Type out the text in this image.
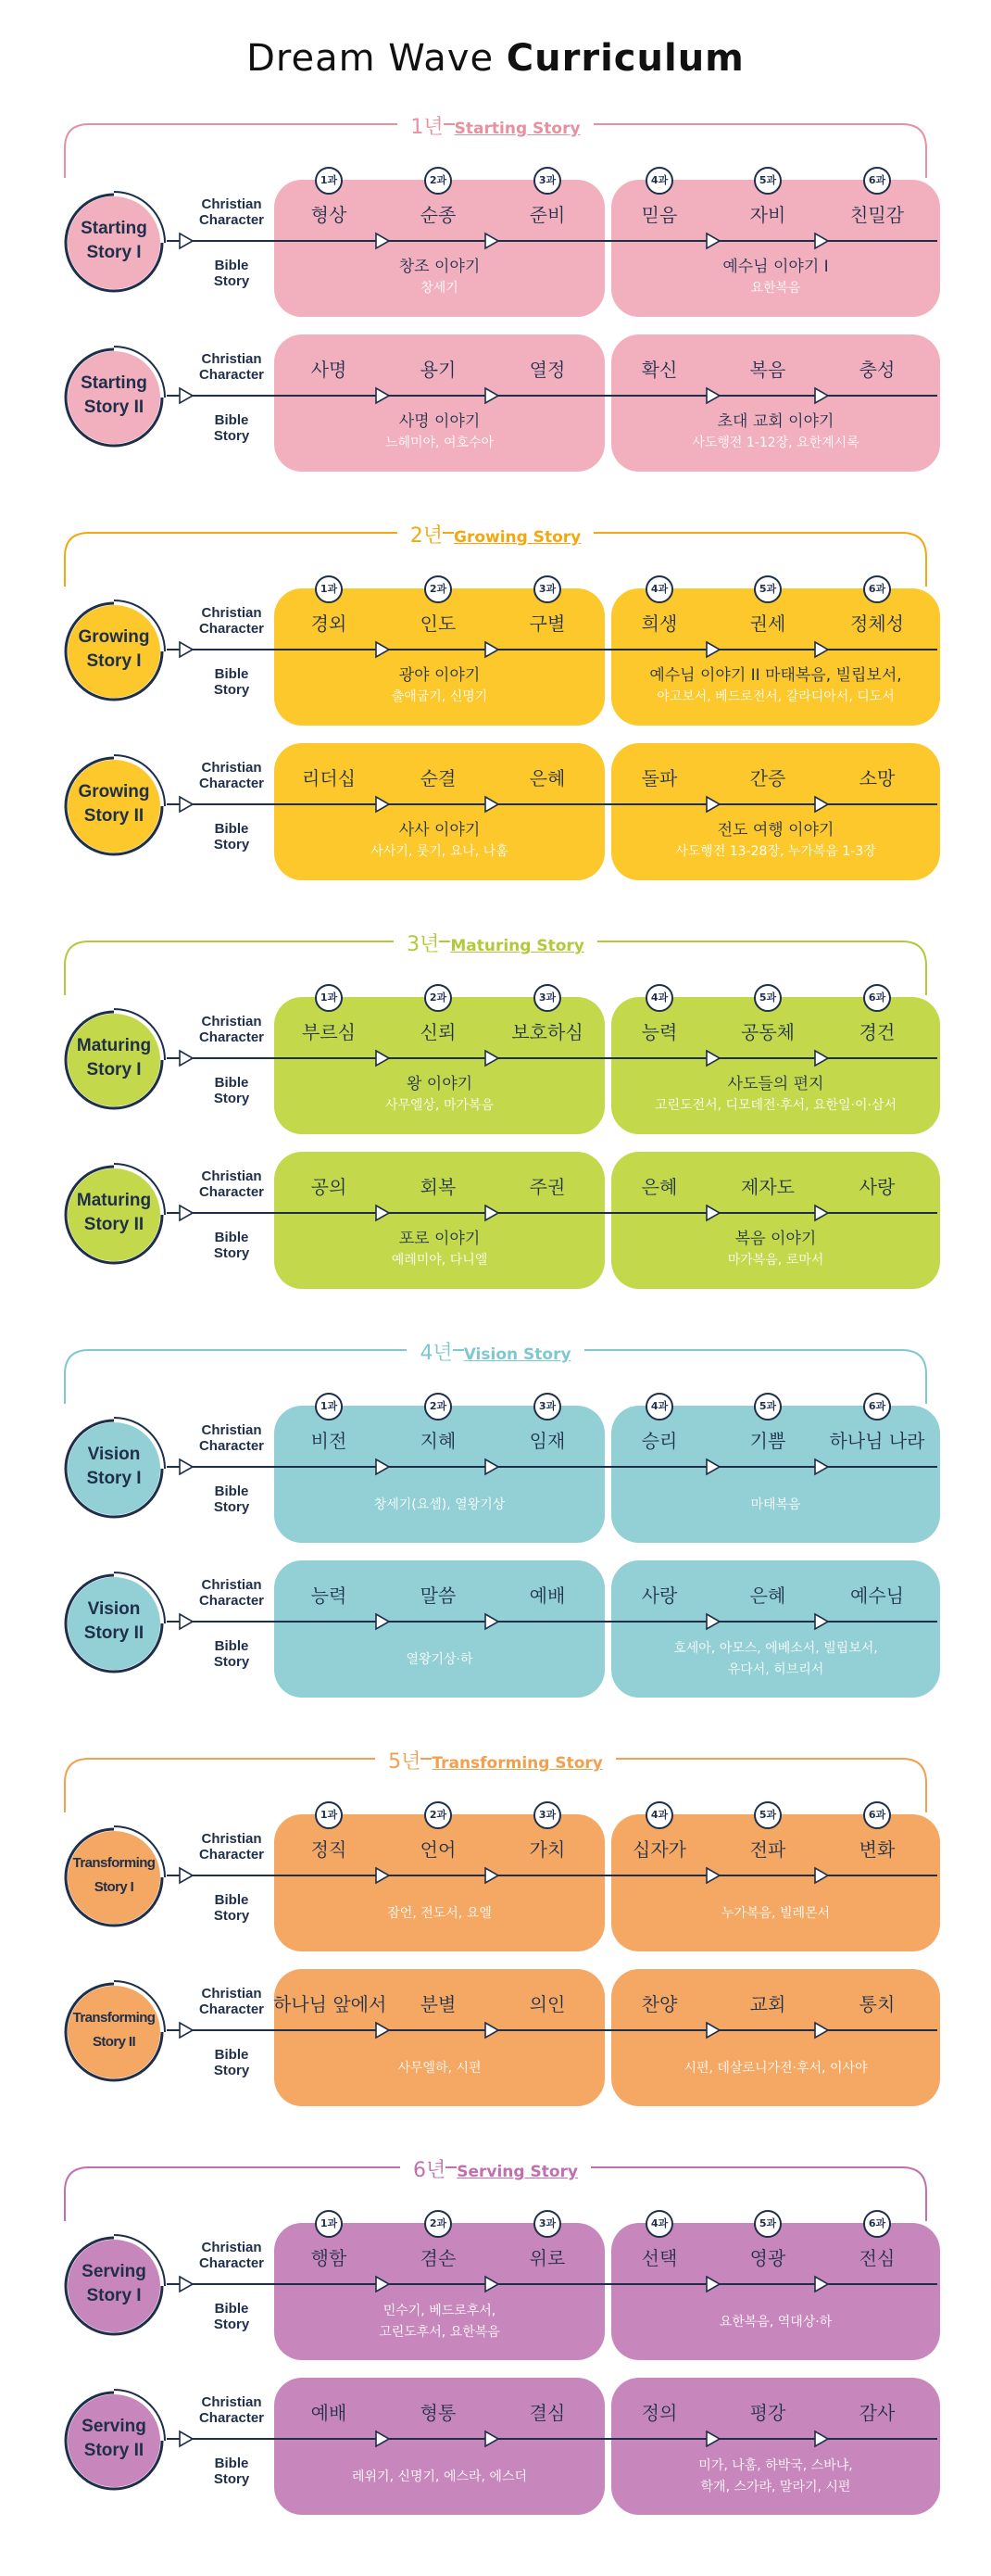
Dream Wave Curriculum
1년 Starting Story
Starting
Story I
Christian
Character
Bible
Story
형상	순종	준비	믿음	자비	친밀감
1과	2과	3과	4과	5과	6과
창조 이야기
창세기
예수님 이야기 I
요한복음
Starting
Story II
Christian
Character
Bible
Story
사명	용기	열정	확신	복음	충성
사명 이야기
느헤미야, 여호수아
초대 교회 이야기
사도행전 1-12장, 요한계시록
2년 Growing Story
Growing
Story I
Christian
Character
Bible
Story
경외	인도	구별	희생	권세	정체성
1과	2과	3과	4과	5과	6과
광야 이야기
출애굽기, 신명기
예수님 이야기 II 마태복음, 빌립보서,
야고보서, 베드로전서, 갈라디아서, 디도서
Growing
Story II
Christian
Character
Bible
Story
리더십	순결	은혜	돌파	간증	소망
사사 이야기
사사기, 룻기, 요나, 나훔
전도 여행 이야기
사도행전 13-28장, 누가복음 1-3장
3년 Maturing Story
Maturing
Story I
Christian
Character
Bible
Story
부르심	신뢰	보호하심	능력	공동체	경건
1과	2과	3과	4과	5과	6과
왕 이야기
사무엘상, 마가복음
사도들의 편지
고린도전서, 디모데전·후서, 요한일·이·삼서
Maturing
Story II
Christian
Character
Bible
Story
공의	회복	주권	은혜	제자도	사랑
포로 이야기
예레미야, 다니엘
복음 이야기
마가복음, 로마서
4년 Vision Story
Vision
Story I
Christian
Character
Bible
Story
비전	지혜	임재	승리	기쁨	하나님 나라
1과	2과	3과	4과	5과	6과
창세기(요셉), 열왕기상	마태복음
Vision
Story II
Christian
Character
Bible
Story
능력	말씀	예배	사랑	은혜	예수님
열왕기상·하
호세아, 아모스, 에베소서, 빌립보서,
유다서, 히브리서
5년 Transforming Story
Transforming
Story I
Christian
Character
Bible
Story
정직	언어	가치	십자가	전파	변화
1과	2과	3과	4과	5과	6과
잠언, 전도서, 요엘	누가복음, 빌레몬서
Transforming
Story II
Christian
Character
Bible
Story
하나님 앞에서	분별	의인	찬양	교회	통치
사무엘하, 시편	시편, 데살로니가전·후서, 이사야
6년 Serving Story
Serving
Story I
Christian
Character
Bible
Story
행함	겸손	위로	선택	영광	전심
1과	2과	3과	4과	5과	6과
민수기, 베드로후서,
고린도후서, 요한복음
요한복음, 역대상·하
Serving
Story II
Christian
Character
Bible
Story
예배	형통	결심	정의	평강	감사
레위기, 신명기, 에스라, 에스더
미가, 나훔, 하박국, 스바냐,
학개, 스가랴, 말라기, 시편
